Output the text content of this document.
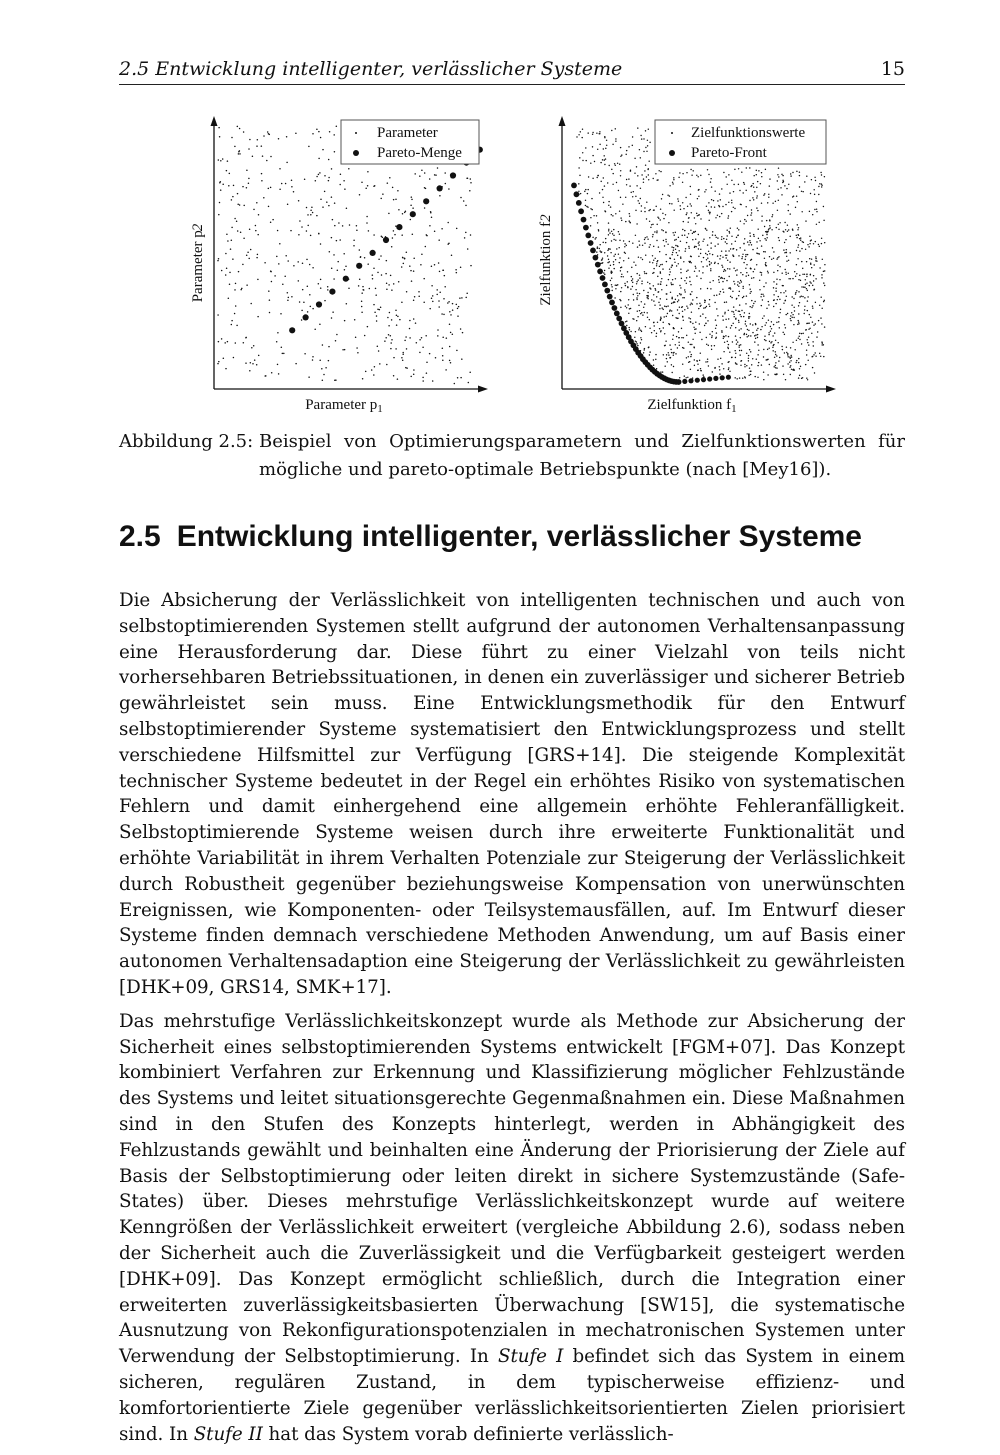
2.5 Entwicklung intelligenter, verlässlicher Systeme	15
Parameter p2
Parameter $p_1$
Parameter
Pareto-Menge
Zielfunktion f2
Zielfunktion $f_1$
Zielfunktionswerte
Pareto-Front
Abbildung 2.5: Beispiel von Optimierungsparametern und Zielfunktionswerten für mögliche und pareto-optimale Betriebspunkte (nach [Mey16]).
2.5 Entwicklung intelligenter, verlässlicher Systeme

Die Absicherung der Verlässlichkeit von intelligenten technischen und auch von selbstoptimierenden Systemen stellt aufgrund der autonomen Verhaltensanpassung eine Herausforderung dar. Diese führt zu einer Vielzahl von teils nicht vorhersehbaren Betriebssituationen, in denen ein zuverlässiger und sicherer Betrieb gewährleistet sein muss. Eine Entwicklungsmethodik für den Entwurf selbstoptimierender Systeme systematisiert den Entwicklungsprozess und stellt verschiedene Hilfsmittel zur Verfügung [GRS+14]. Die steigende Komplexität technischer Systeme bedeutet in der Regel ein erhöhtes Risiko von systematischen Fehlern und damit einhergehend eine allgemein erhöhte Fehleranfälligkeit. Selbstoptimierende Systeme weisen durch ihre erweiterte Funktionalität und erhöhte Variabilität in ihrem Verhalten Potenziale zur Steigerung der Verlässlichkeit durch Robustheit gegenüber beziehungsweise Kompensation von unerwünschten Ereignissen, wie Komponenten- oder Teilsystemausfällen, auf. Im Entwurf dieser Systeme finden demnach verschiedene Methoden Anwendung, um auf Basis einer autonomen Verhaltensadaption eine Steigerung der Verlässlichkeit zu gewährleisten [DHK+09, GRS14, SMK+17].

Das mehrstufige Verlässlichkeitskonzept wurde als Methode zur Absicherung der Sicherheit eines selbstoptimierenden Systems entwickelt [FGM+07]. Das Konzept kombiniert Verfahren zur Erkennung und Klassifizierung möglicher Fehlzustände des Systems und leitet situationsgerechte Gegenmaßnahmen ein. Diese Maßnahmen sind in den Stufen des Konzepts hinterlegt, werden in Abhängigkeit des Fehlzustands gewählt und beinhalten eine Änderung der Priorisierung der Ziele auf Basis der Selbstoptimierung oder leiten direkt in sichere Systemzustände (Safe-States) über. Dieses mehrstufige Verlässlichkeitskonzept wurde auf weitere Kenngrößen der Verlässlichkeit erweitert (vergleiche Abbildung 2.6), sodass neben der Sicherheit auch die Zuverlässigkeit und die Verfügbarkeit gesteigert werden [DHK+09]. Das Konzept ermöglicht schließlich, durch die Integration einer erweiterten zuverlässigkeitsbasierten Überwachung [SW15], die systematische Ausnutzung von Rekonfigurationspotenzialen in mechatronischen Systemen unter Verwendung der Selbstoptimierung. In Stufe I befindet sich das System in einem sicheren, regulären Zustand, in dem typischerweise effizienz- und komfortorientierte Ziele gegenüber verlässlichkeitsorientierten Zielen priorisiert sind. In Stufe II hat das System vorab definierte verlässlich-
